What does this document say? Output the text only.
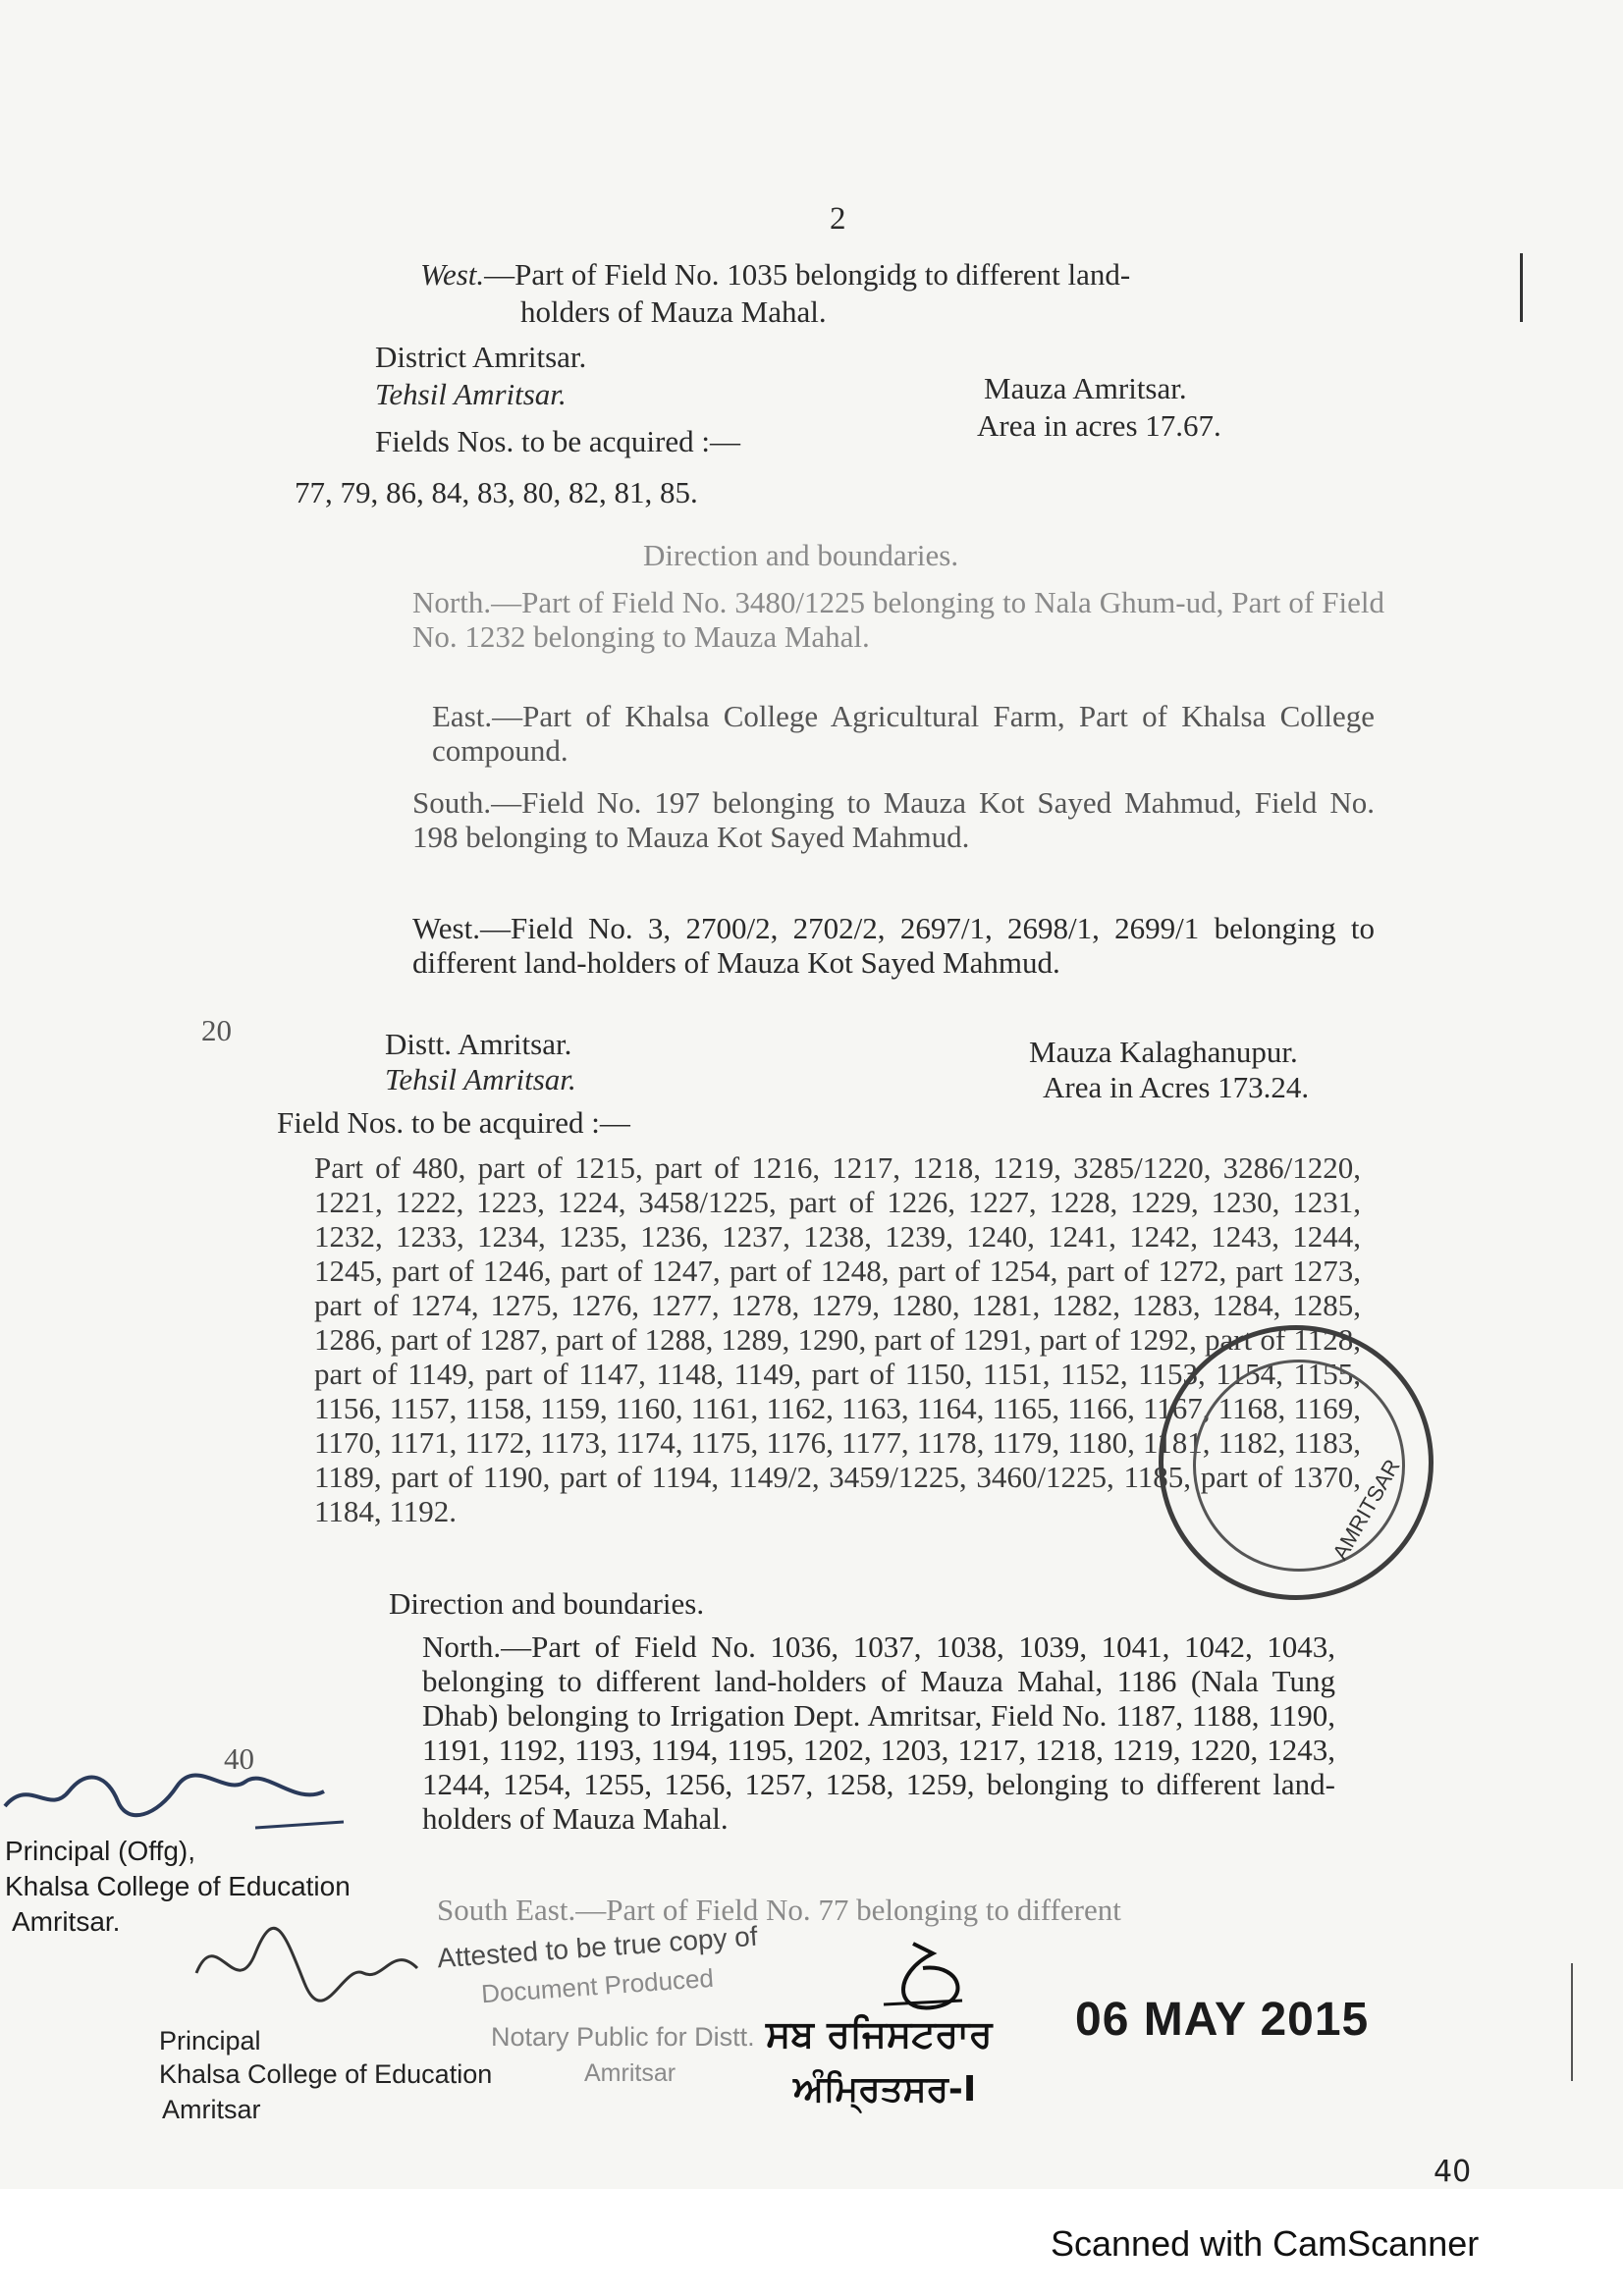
2
West.—Part of Field No. 1035 belongidg to different land-
holders of Mauza Mahal.
District Amritsar.
Tehsil Amritsar.	Mauza Amritsar.
Area in acres 17.67.
Fields Nos. to be acquired :—
77, 79, 86, 84, 83, 80, 82, 81, 85.
Direction and boundaries.
North.—Part of Field No. 3480/1225 belonging to Nala Ghum-ud, Part of Field No. 1232 belonging to Mauza Mahal.
East.—Part of Khalsa College Agricultural Farm, Part of Khalsa College compound.
South.—Field No. 197 belonging to Mauza Kot Sayed Mahmud, Field No. 198 belonging to Mauza Kot Sayed Mahmud.
West.—Field No. 3, 2700/2, 2702/2, 2697/1, 2698/1, 2699/1 belonging to different land-holders of Mauza Kot Sayed Mahmud.
20	Distt. Amritsar.
Tehsil Amritsar.
Mauza Kalaghanupur.
Area in Acres 173.24.
Field Nos. to be acquired :—
Part of 480, part of 1215, part of 1216, 1217, 1218, 1219, 3285/1220, 3286/1220, 1221, 1222, 1223, 1224, 3458/1225, part of 1226, 1227, 1228, 1229, 1230, 1231, 1232, 1233, 1234, 1235, 1236, 1237, 1238, 1239, 1240, 1241, 1242, 1243, 1244, 1245, part of 1246, part of 1247, part of 1248, part of 1254, part of 1272, part 1273, part of 1274, 1275, 1276, 1277, 1278, 1279, 1280, 1281, 1282, 1283, 1284, 1285, 1286, part of 1287, part of 1288, 1289, 1290, part of 1291, part of 1292, part of 1128, part of 1149, part of 1147, 1148, 1149, part of 1150, 1151, 1152, 1153, 1154, 1155, 1156, 1157, 1158, 1159, 1160, 1161, 1162, 1163, 1164, 1165, 1166, 1167, 1168, 1169, 1170, 1171, 1172, 1173, 1174, 1175, 1176, 1177, 1178, 1179, 1180, 1181, 1182, 1183, 1189, part of 1190, part of 1194, 1149/2, 3459/1225, 3460/1225, 1185, part of 1370, 1184, 1192.
Direction and boundaries.
North.—Part of Field No. 1036, 1037, 1038, 1039, 1041, 1042, 1043, belonging to different land-holders of Mauza Mahal, 1186 (Nala Tung Dhab) belonging to Irrigation Dept. Amritsar, Field No. 1187, 1188, 1190, 1191, 1192, 1193, 1194, 1195, 1202, 1203, 1217, 1218, 1219, 1220, 1243, 1244, 1254, 1255, 1256, 1257, 1258, 1259, belonging to different land-holders of Mauza Mahal.
South East.—Part of Field No. 77 belonging to different
40
Principal (Offg),
Khalsa College of Education
Amritsar.	Attested to be true copy of
Document Produced
Principal
Khalsa College of Education
Amritsar
Notary Public for Distt.
Amritsar
ਸਬ ਰਜਿਸਟਰਾਰ
ਅੰਮ੍ਰਿਤਸਰ-I
06 MAY 2015
AMRITSAR
40
Scanned with CamScanner
